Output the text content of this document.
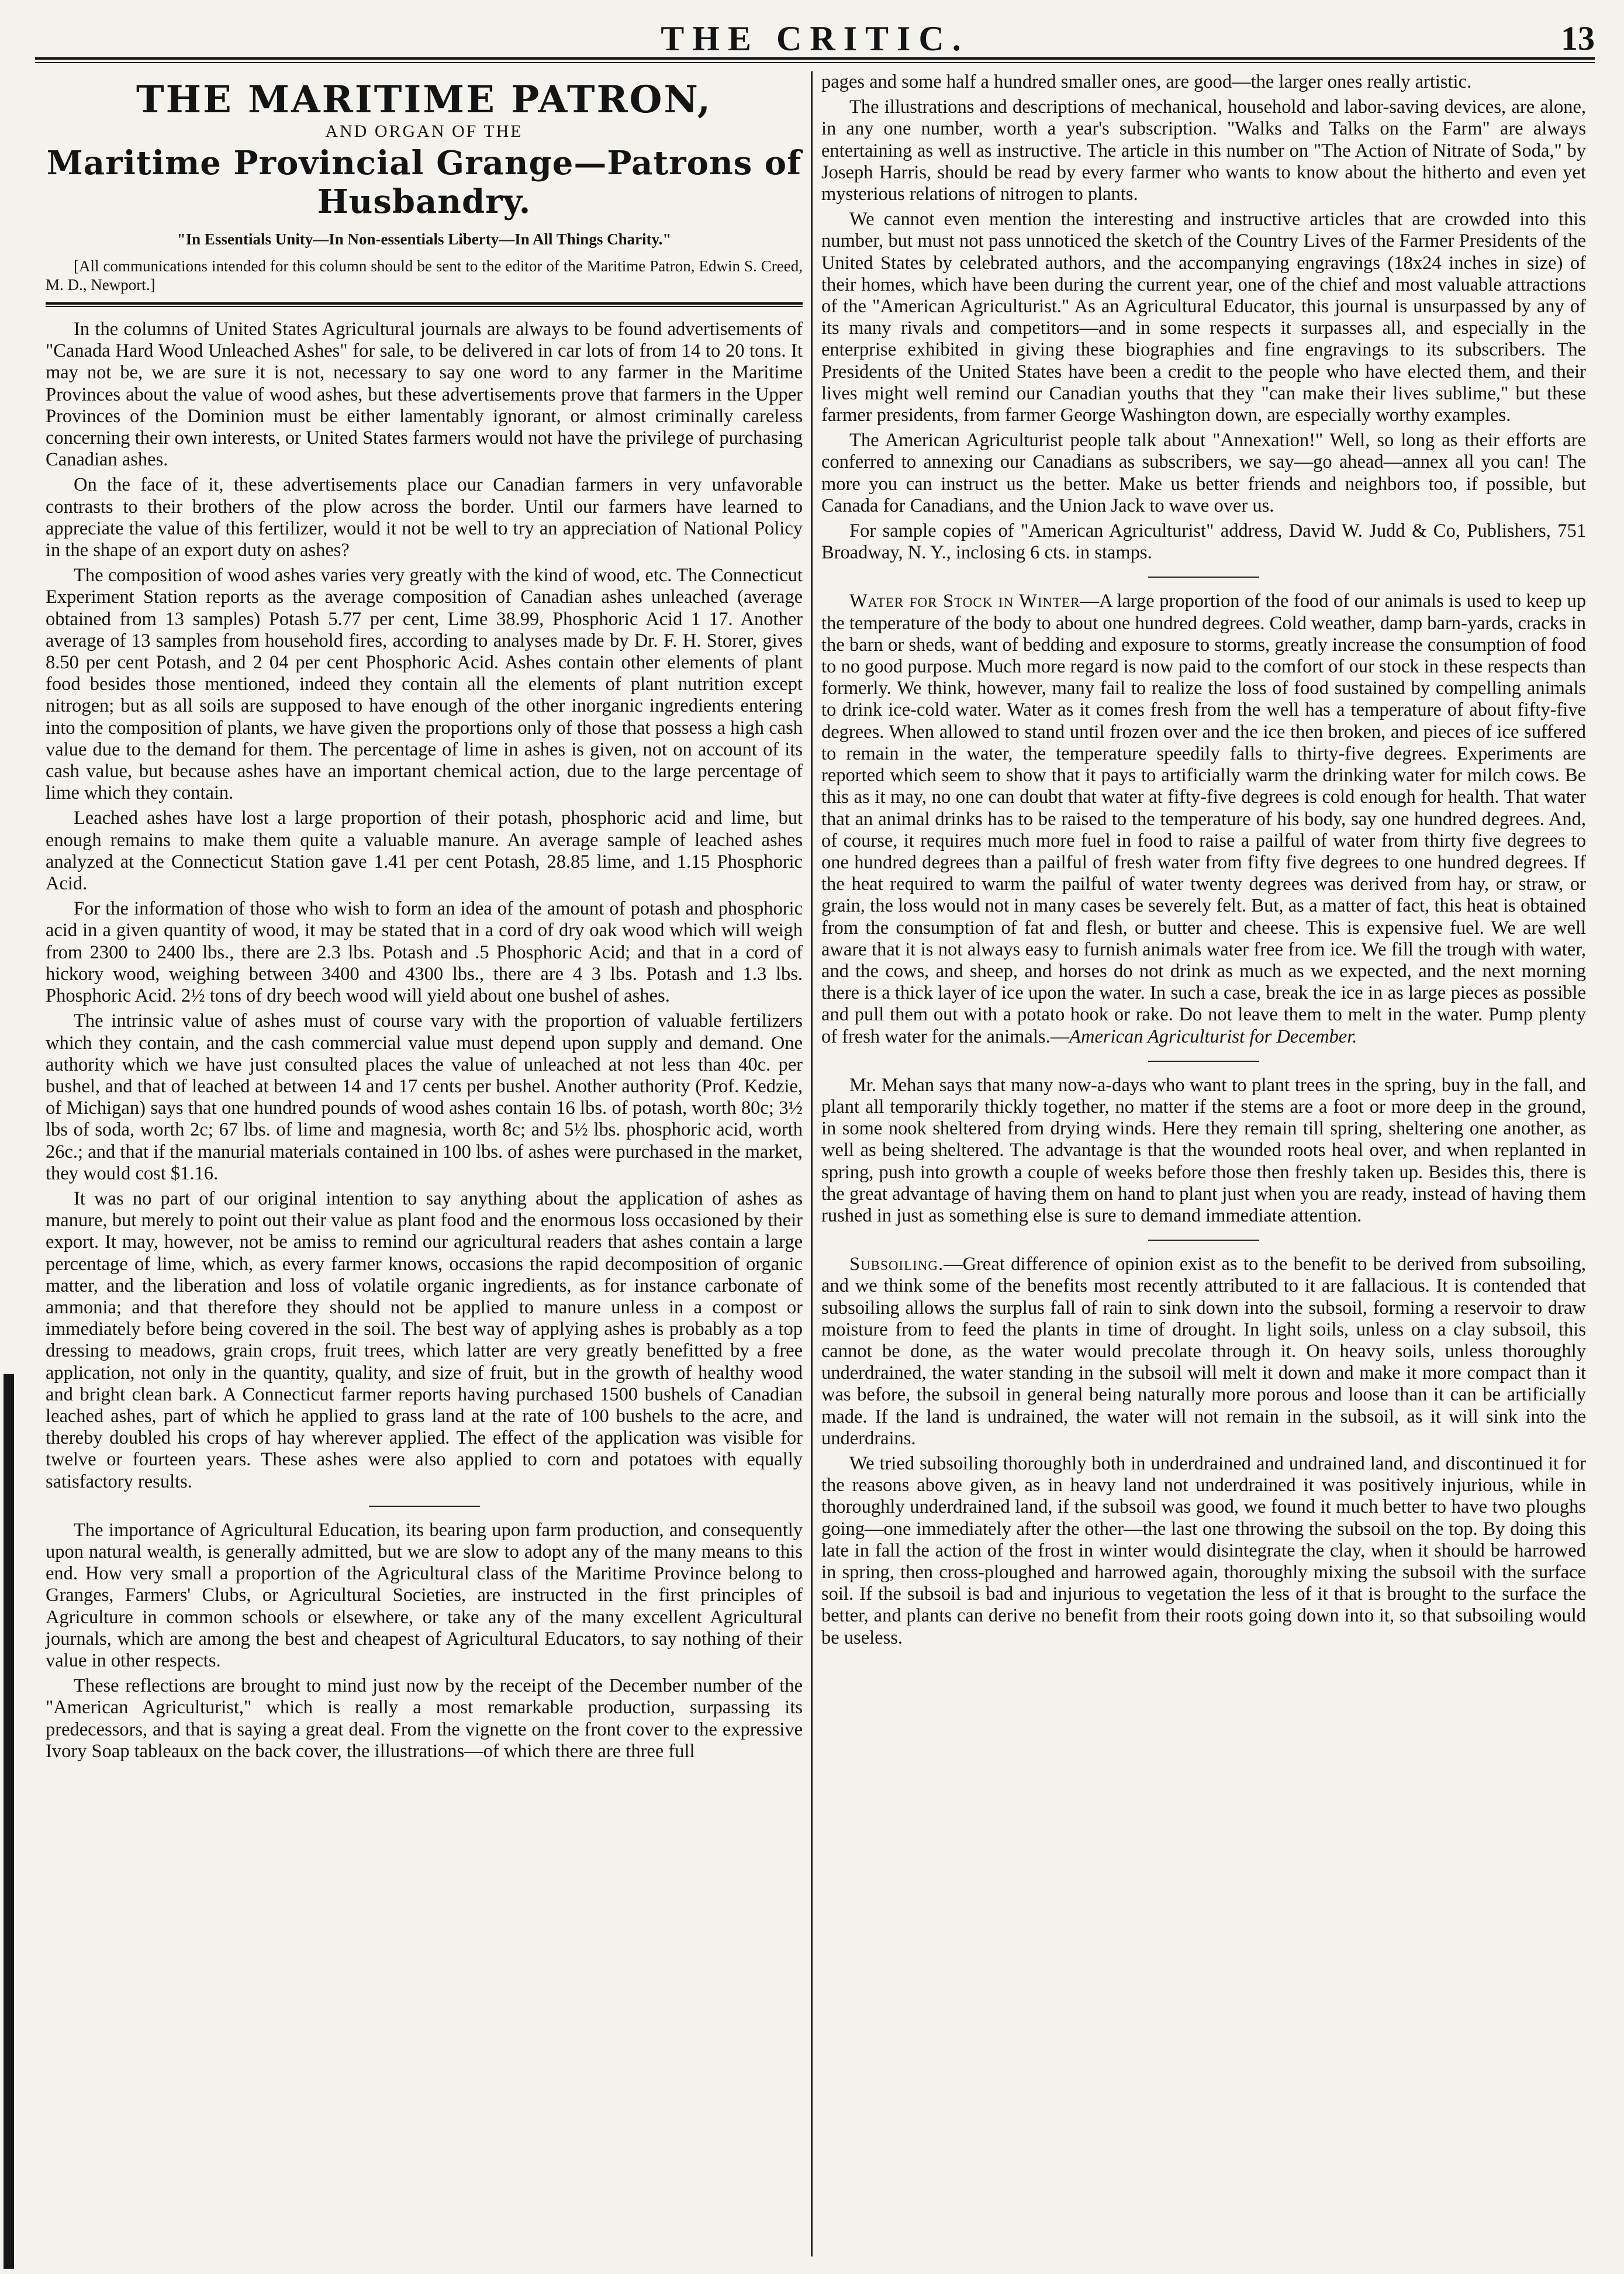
THE CRITIC.	13
THE MARITIME PATRON,
AND ORGAN OF THE
Maritime Provincial Grange—Patrons of Husbandry.
"In Essentials Unity—In Non-essentials Liberty—In All Things Charity."
[All communications intended for this column should be sent to the editor of the Maritime Patron, Edwin S. Creed, M. D., Newport.]

In the columns of United States Agricultural journals are always to be found advertisements of "Canada Hard Wood Unleached Ashes" for sale, to be delivered in car lots of from 14 to 20 tons. It may not be, we are sure it is not, necessary to say one word to any farmer in the Maritime Provinces about the value of wood ashes, but these advertisements prove that farmers in the Upper Provinces of the Dominion must be either lamentably ignorant, or almost criminally careless concerning their own interests, or United States farmers would not have the privilege of purchasing Canadian ashes.

On the face of it, these advertisements place our Canadian farmers in very unfavorable contrasts to their brothers of the plow across the border. Until our farmers have learned to appreciate the value of this fertilizer, would it not be well to try an appreciation of National Policy in the shape of an export duty on ashes?

The composition of wood ashes varies very greatly with the kind of wood, etc. The Connecticut Experiment Station reports as the average composition of Canadian ashes unleached (average obtained from 13 samples) Potash 5.77 per cent, Lime 38.99, Phosphoric Acid 1 17. Another average of 13 samples from household fires, according to analyses made by Dr. F. H. Storer, gives 8.50 per cent Potash, and 2 04 per cent Phosphoric Acid. Ashes contain other elements of plant food besides those mentioned, indeed they contain all the elements of plant nutrition except nitrogen; but as all soils are supposed to have enough of the other inorganic ingredients entering into the composition of plants, we have given the proportions only of those that possess a high cash value due to the demand for them. The percentage of lime in ashes is given, not on account of its cash value, but because ashes have an important chemical action, due to the large percentage of lime which they contain.

Leached ashes have lost a large proportion of their potash, phosphoric acid and lime, but enough remains to make them quite a valuable manure. An average sample of leached ashes analyzed at the Connecticut Station gave 1.41 per cent Potash, 28.85 lime, and 1.15 Phosphoric Acid.

For the information of those who wish to form an idea of the amount of potash and phosphoric acid in a given quantity of wood, it may be stated that in a cord of dry oak wood which will weigh from 2300 to 2400 lbs., there are 2.3 lbs. Potash and .5 Phosphoric Acid; and that in a cord of hickory wood, weighing between 3400 and 4300 lbs., there are 4 3 lbs. Potash and 1.3 lbs. Phosphoric Acid. 2½ tons of dry beech wood will yield about one bushel of ashes.

The intrinsic value of ashes must of course vary with the proportion of valuable fertilizers which they contain, and the cash commercial value must depend upon supply and demand. One authority which we have just consulted places the value of unleached at not less than 40c. per bushel, and that of leached at between 14 and 17 cents per bushel. Another authority (Prof. Kedzie, of Michigan) says that one hundred pounds of wood ashes contain 16 lbs. of potash, worth 80c; 3½ lbs of soda, worth 2c; 67 lbs. of lime and magnesia, worth 8c; and 5½ lbs. phosphoric acid, worth 26c.; and that if the manurial materials contained in 100 lbs. of ashes were purchased in the market, they would cost $1.16.

It was no part of our original intention to say anything about the application of ashes as manure, but merely to point out their value as plant food and the enormous loss occasioned by their export. It may, however, not be amiss to remind our agricultural readers that ashes contain a large percentage of lime, which, as every farmer knows, occasions the rapid decomposition of organic matter, and the liberation and loss of volatile organic ingredients, as for instance carbonate of ammonia; and that therefore they should not be applied to manure unless in a compost or immediately before being covered in the soil. The best way of applying ashes is probably as a top dressing to meadows, grain crops, fruit trees, which latter are very greatly benefitted by a free application, not only in the quantity, quality, and size of fruit, but in the growth of healthy wood and bright clean bark. A Connecticut farmer reports having purchased 1500 bushels of Canadian leached ashes, part of which he applied to grass land at the rate of 100 bushels to the acre, and thereby doubled his crops of hay wherever applied. The effect of the application was visible for twelve or fourteen years. These ashes were also applied to corn and potatoes with equally satisfactory results.

The importance of Agricultural Education, its bearing upon farm production, and consequently upon natural wealth, is generally admitted, but we are slow to adopt any of the many means to this end. How very small a proportion of the Agricultural class of the Maritime Province belong to Granges, Farmers' Clubs, or Agricultural Societies, are instructed in the first principles of Agriculture in common schools or elsewhere, or take any of the many excellent Agricultural journals, which are among the best and cheapest of Agricultural Educators, to say nothing of their value in other respects.

These reflections are brought to mind just now by the receipt of the December number of the "American Agriculturist," which is really a most remarkable production, surpassing its predecessors, and that is saying a great deal. From the vignette on the front cover to the expressive Ivory Soap tableaux on the back cover, the illustrations—of which there are three full

pages and some half a hundred smaller ones, are good—the larger ones really artistic.

The illustrations and descriptions of mechanical, household and labor-saving devices, are alone, in any one number, worth a year's subscription. "Walks and Talks on the Farm" are always entertaining as well as instructive. The article in this number on "The Action of Nitrate of Soda," by Joseph Harris, should be read by every farmer who wants to know about the hitherto and even yet mysterious relations of nitrogen to plants.

We cannot even mention the interesting and instructive articles that are crowded into this number, but must not pass unnoticed the sketch of the Country Lives of the Farmer Presidents of the United States by celebrated authors, and the accompanying engravings (18x24 inches in size) of their homes, which have been during the current year, one of the chief and most valuable attractions of the "American Agriculturist." As an Agricultural Educator, this journal is unsurpassed by any of its many rivals and competitors—and in some respects it surpasses all, and especially in the enterprise exhibited in giving these biographies and fine engravings to its subscribers. The Presidents of the United States have been a credit to the people who have elected them, and their lives might well remind our Canadian youths that they "can make their lives sublime," but these farmer presidents, from farmer George Washington down, are especially worthy examples.

The American Agriculturist people talk about "Annexation!" Well, so long as their efforts are conferred to annexing our Canadians as subscribers, we say—go ahead—annex all you can! The more you can instruct us the better. Make us better friends and neighbors too, if possible, but Canada for Canadians, and the Union Jack to wave over us.

For sample copies of "American Agriculturist" address, David W. Judd & Co, Publishers, 751 Broadway, N. Y., inclosing 6 cts. in stamps.

Water for Stock in Winter—A large proportion of the food of our animals is used to keep up the temperature of the body to about one hundred degrees. Cold weather, damp barn-yards, cracks in the barn or sheds, want of bedding and exposure to storms, greatly increase the consumption of food to no good purpose. Much more regard is now paid to the comfort of our stock in these respects than formerly. We think, however, many fail to realize the loss of food sustained by compelling animals to drink ice-cold water. Water as it comes fresh from the well has a temperature of about fifty-five degrees. When allowed to stand until frozen over and the ice then broken, and pieces of ice suffered to remain in the water, the temperature speedily falls to thirty-five degrees. Experiments are reported which seem to show that it pays to artificially warm the drinking water for milch cows. Be this as it may, no one can doubt that water at fifty-five degrees is cold enough for health. That water that an animal drinks has to be raised to the temperature of his body, say one hundred degrees. And, of course, it requires much more fuel in food to raise a pailful of water from thirty five degrees to one hundred degrees than a pailful of fresh water from fifty five degrees to one hundred degrees. If the heat required to warm the pailful of water twenty degrees was derived from hay, or straw, or grain, the loss would not in many cases be severely felt. But, as a matter of fact, this heat is obtained from the consumption of fat and flesh, or butter and cheese. This is expensive fuel. We are well aware that it is not always easy to furnish animals water free from ice. We fill the trough with water, and the cows, and sheep, and horses do not drink as much as we expected, and the next morning there is a thick layer of ice upon the water. In such a case, break the ice in as large pieces as possible and pull them out with a potato hook or rake. Do not leave them to melt in the water. Pump plenty of fresh water for the animals.—American Agriculturist for December.

Mr. Mehan says that many now-a-days who want to plant trees in the spring, buy in the fall, and plant all temporarily thickly together, no matter if the stems are a foot or more deep in the ground, in some nook sheltered from drying winds. Here they remain till spring, sheltering one another, as well as being sheltered. The advantage is that the wounded roots heal over, and when replanted in spring, push into growth a couple of weeks before those then freshly taken up. Besides this, there is the great advantage of having them on hand to plant just when you are ready, instead of having them rushed in just as something else is sure to demand immediate attention.

Subsoiling.—Great difference of opinion exist as to the benefit to be derived from subsoiling, and we think some of the benefits most recently attributed to it are fallacious. It is contended that subsoiling allows the surplus fall of rain to sink down into the subsoil, forming a reservoir to draw moisture from to feed the plants in time of drought. In light soils, unless on a clay subsoil, this cannot be done, as the water would precolate through it. On heavy soils, unless thoroughly underdrained, the water standing in the subsoil will melt it down and make it more compact than it was before, the subsoil in general being naturally more porous and loose than it can be artificially made. If the land is undrained, the water will not remain in the subsoil, as it will sink into the underdrains.

We tried subsoiling thoroughly both in underdrained and undrained land, and discontinued it for the reasons above given, as in heavy land not underdrained it was positively injurious, while in thoroughly underdrained land, if the subsoil was good, we found it much better to have two ploughs going—one immediately after the other—the last one throwing the subsoil on the top. By doing this late in fall the action of the frost in winter would disintegrate the clay, when it should be harrowed in spring, then cross-ploughed and harrowed again, thoroughly mixing the subsoil with the surface soil. If the subsoil is bad and injurious to vegetation the less of it that is brought to the surface the better, and plants can derive no benefit from their roots going down into it, so that subsoiling would be useless.
